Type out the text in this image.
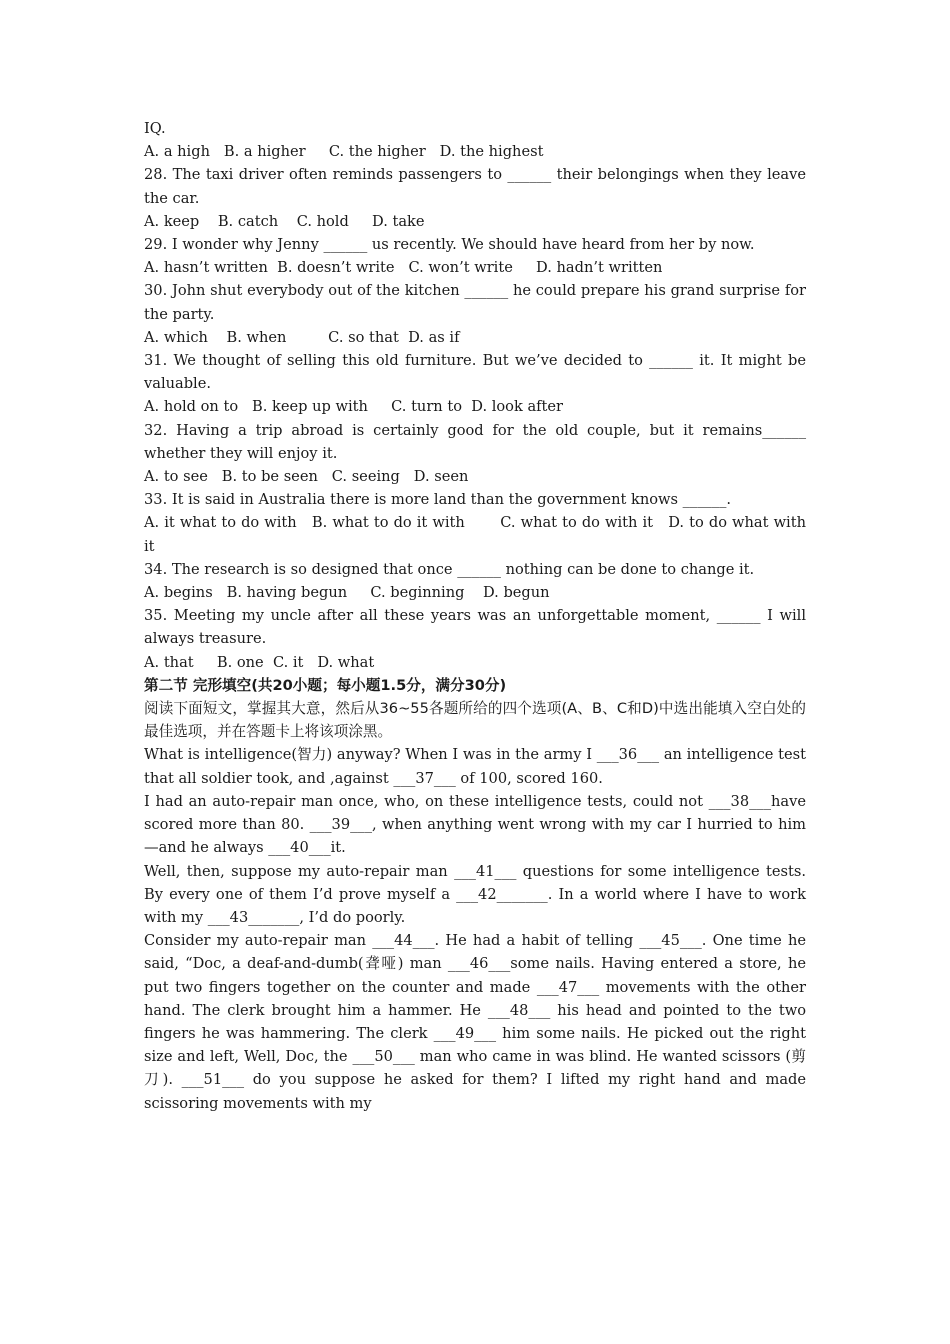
IQ.

A. a high   B. a higher     C. the higher   D. the highest

28. The taxi driver often reminds passengers to ______ their belongings when they leave the car.

A. keep    B. catch    C. hold     D. take

29. I wonder why Jenny ______ us recently. We should have heard from her by now.

A. hasn’t written  B. doesn’t write   C. won’t write     D. hadn’t written

30. John shut everybody out of the kitchen ______ he could prepare his grand surprise for the party.

A. which    B. when         C. so that  D. as if

31. We thought of selling this old furniture. But we’ve decided to ______ it. It might be valuable.

A. hold on to   B. keep up with     C. turn to  D. look after

32. Having a trip abroad is certainly good for the old couple, but it remains______ whether they will enjoy it.

A. to see   B. to be seen   C. seeing   D. seen

33. It is said in Australia there is more land than the government knows ______.

A. it what to do with   B. what to do it with       C. what to do with it   D. to do what with it

34. The research is so designed that once ______ nothing can be done to change it.

A. begins   B. having begun     C. beginning    D. begun

35. Meeting my uncle after all these years was an unforgettable moment, ______ I will always treasure.

A. that     B. one  C. it   D. what

第二节 完形填空(共20小题；每小题1.5分，满分30分)

阅读下面短文，掌握其大意，然后从36~55各题所给的四个选项(A、B、C和D)中选出能填入空白处的最佳选项，并在答题卡上将该项涂黑。

What is intelligence(智力) anyway? When I was in the army I ___36___ an intelligence test that all soldier took, and ,against ___37___ of 100, scored 160.

I had an auto-repair man once, who, on these intelligence tests, could not ___38___have scored more than 80. ___39___, when anything went wrong with my car I hurried to him—and he always ___40___it.

Well, then, suppose my auto-repair man ___41___ questions for some intelligence tests. By every one of them I’d prove myself a ___42_______. In a world where I have to work with my ___43_______, I’d do poorly.

Consider my auto-repair man ___44___. He had a habit of telling ___45___. One time he said, “Doc, a deaf-and-dumb(聋哑) man ___46___some nails. Having entered a store, he put two fingers together on the counter and made ___47___ movements with the other hand. The clerk brought him a hammer. He ___48___ his head and pointed to the two fingers he was hammering. The clerk ___49___ him some nails. He picked out the right size and left, Well, Doc, the ___50___ man who came in was blind. He wanted scissors (剪刀). ___51___ do you suppose he asked for them? I lifted my right hand and made scissoring movements with my
